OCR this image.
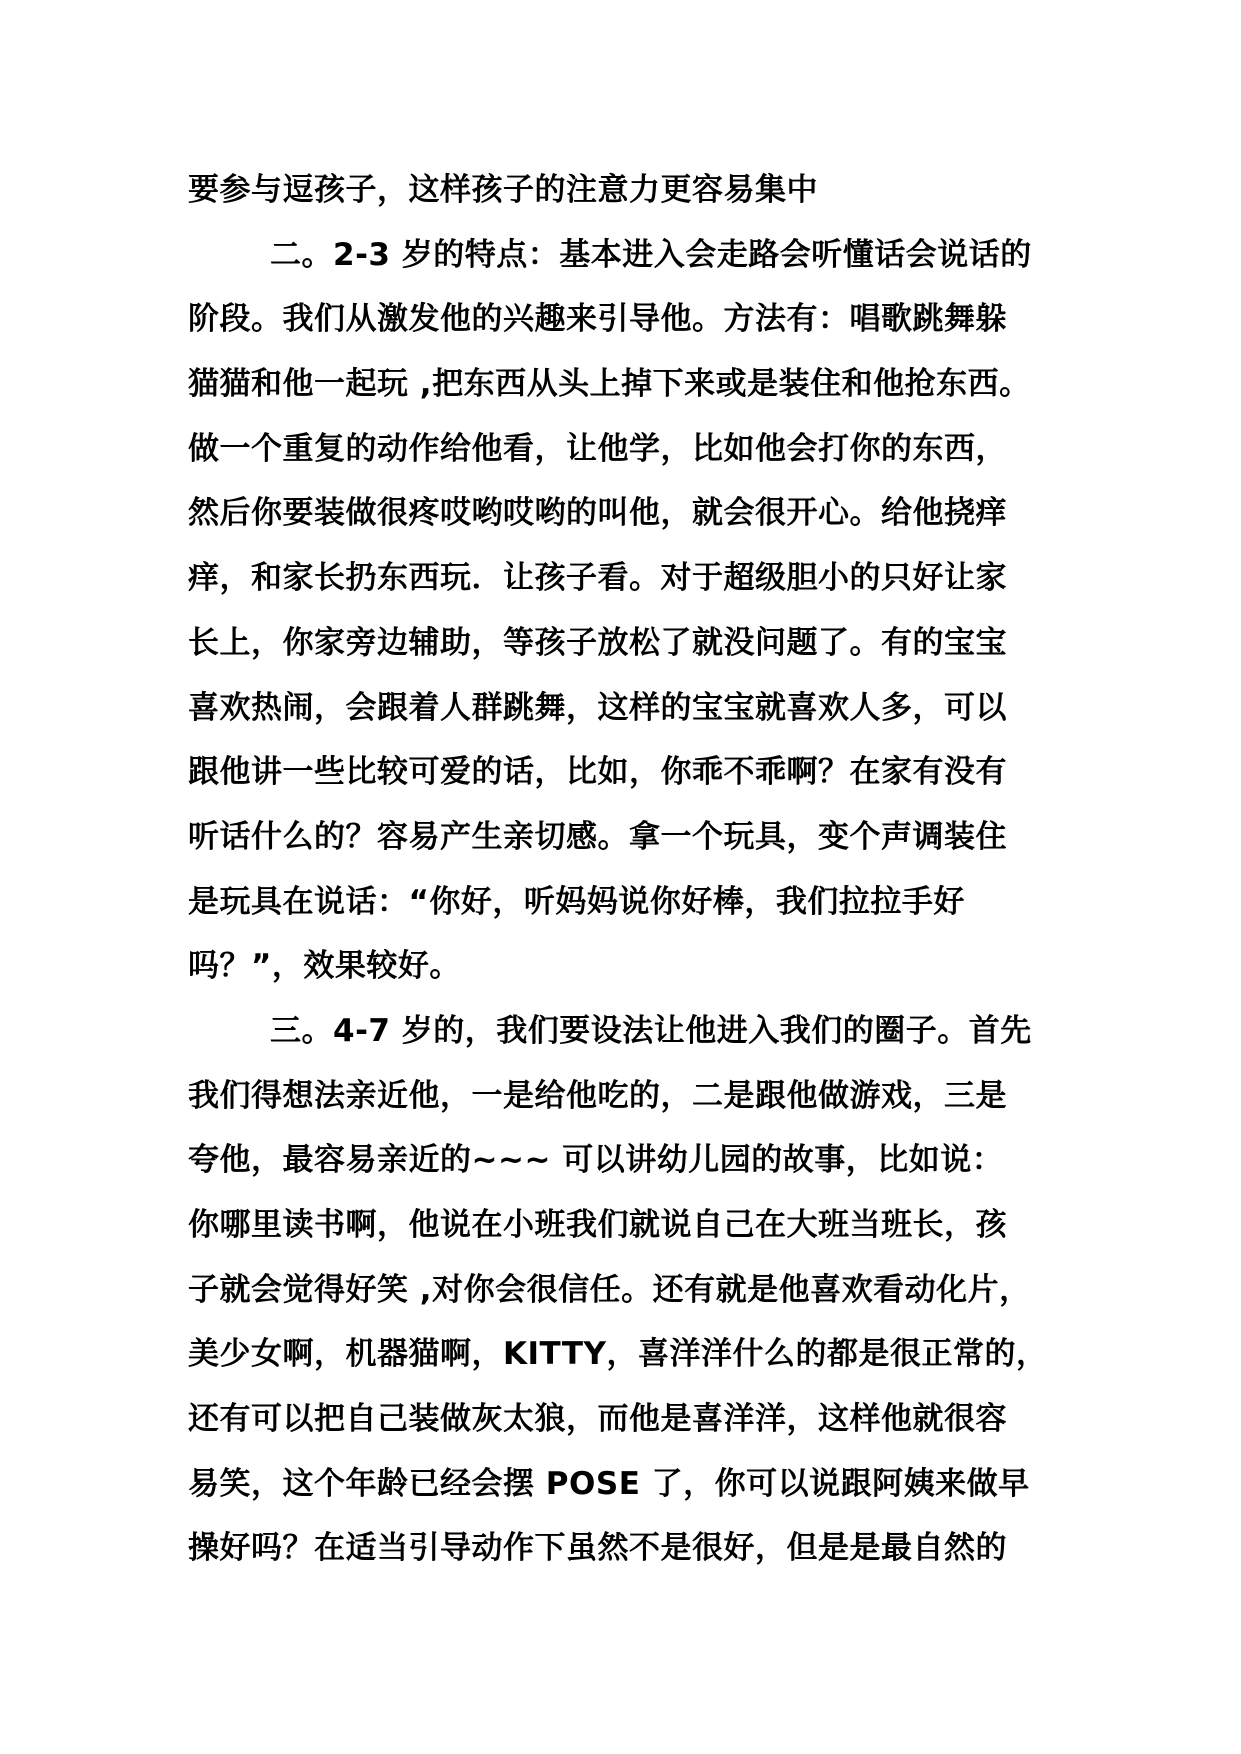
要参与逗孩子，这样孩子的注意力更容易集中
二。2-3 岁的特点：基本进入会走路会听懂话会说话的
阶段。我们从激发他的兴趣来引导他。方法有：唱歌跳舞躲
猫猫和他一起玩 ,把东西从头上掉下来或是装住和他抢东西。
做一个重复的动作给他看，让他学，比如他会打你的东西，
然后你要装做很疼哎哟哎哟的叫他，就会很开心。给他挠痒
痒，和家长扔东西玩．让孩子看。对于超级胆小的只好让家
长上，你家旁边辅助，等孩子放松了就没问题了。有的宝宝
喜欢热闹，会跟着人群跳舞，这样的宝宝就喜欢人多，可以
跟他讲一些比较可爱的话，比如，你乖不乖啊？在家有没有
听话什么的？容易产生亲切感。拿一个玩具，变个声调装住
是玩具在说话：“你好，听妈妈说你好棒，我们拉拉手好
吗？”，效果较好。
三。4-7 岁的，我们要设法让他进入我们的圈子。首先
我们得想法亲近他，一是给他吃的，二是跟他做游戏，三是
夸他，最容易亲近的~~~ 可以讲幼儿园的故事，比如说：
你哪里读书啊，他说在小班我们就说自己在大班当班长，孩
子就会觉得好笑 ,对你会很信任。还有就是他喜欢看动化片，
美少女啊，机器猫啊，KITTY，喜洋洋什么的都是很正常的，
还有可以把自己装做灰太狼，而他是喜洋洋，这样他就很容
易笑，这个年龄已经会摆 POSE 了，你可以说跟阿姨来做早
操好吗？在适当引导动作下虽然不是很好，但是是最自然的
